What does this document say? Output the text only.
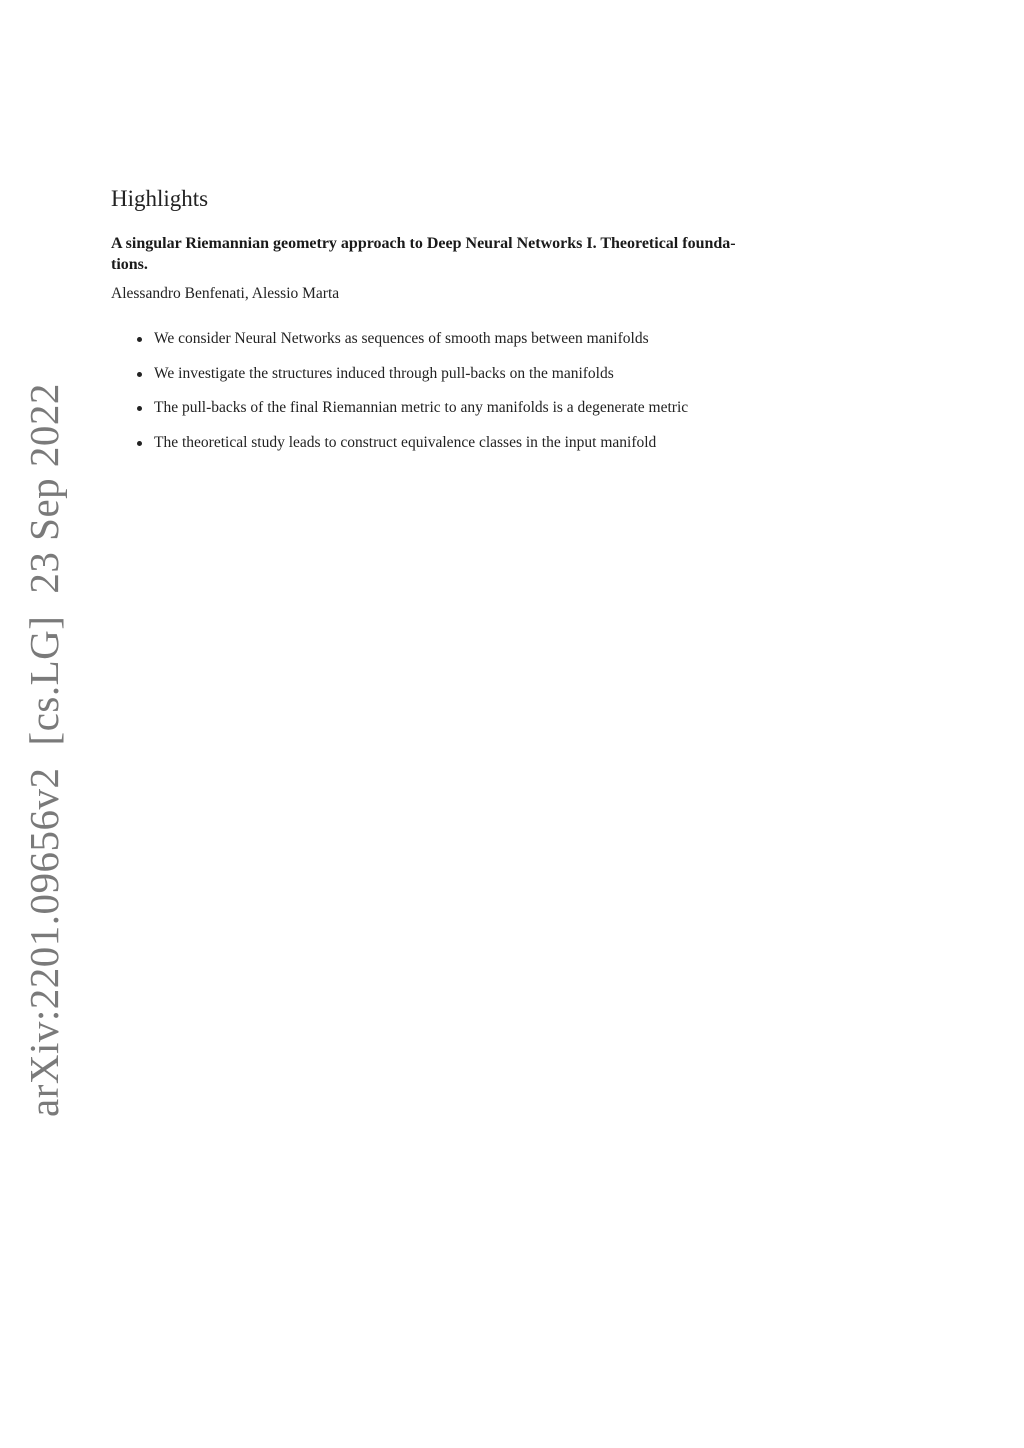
arXiv:2201.09656v2[cs.LG]23 Sep 2022
Highlights

A singular Riemannian geometry approach to Deep Neural Networks I. Theoretical founda-
tions.

Alessandro Benfenati, Alessio Marta

We consider Neural Networks as sequences of smooth maps between manifolds
We investigate the structures induced through pull-backs on the manifolds
The pull-backs of the final Riemannian metric to any manifolds is a degenerate metric
The theoretical study leads to construct equivalence classes in the input manifold
